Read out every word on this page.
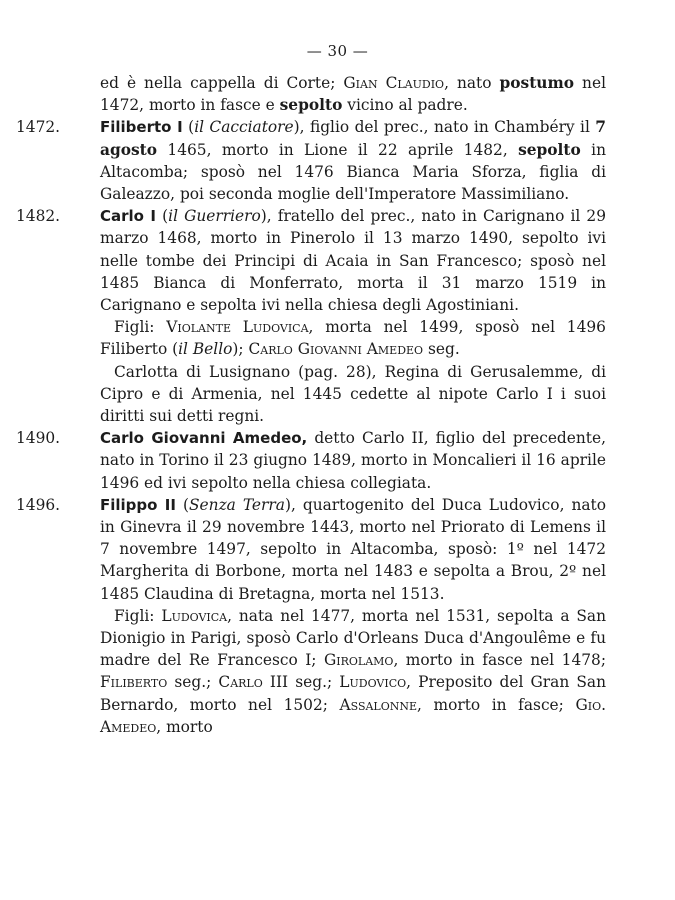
— 30 —
ed è nella cappella di Corte; Gian Claudio, nato postumo nel 1472, morto in fasce e sepolto vicino al padre.
1472.	Filiberto I (il Cacciatore), figlio del prec., nato in Chambéry il 7 agosto 1465, morto in Lione il 22 aprile 1482, sepolto in Altacomba; sposò nel 1476 Bianca Maria Sforza, figlia di Galeazzo, poi seconda moglie dell'Imperatore Massimiliano.
1482.	Carlo I (il Guerriero), fratello del prec., nato in Carignano il 29 marzo 1468, morto in Pinerolo il 13 marzo 1490, sepolto ivi nelle tombe dei Principi di Acaia in San Francesco; sposò nel 1485 Bianca di Monferrato, morta il 31 marzo 1519 in Carignano e sepolta ivi nella chiesa degli Agostiniani.
Figli: Violante Ludovica, morta nel 1499, sposò nel 1496 Filiberto (il Bello); Carlo Giovanni Amedeo seg.
Carlotta di Lusignano (pag. 28), Regina di Gerusalemme, di Cipro e di Armenia, nel 1445 cedette al nipote Carlo I i suoi diritti sui detti regni.
1490.	Carlo Giovanni Amedeo, detto Carlo II, figlio del precedente, nato in Torino il 23 giugno 1489, morto in Moncalieri il 16 aprile 1496 ed ivi sepolto nella chiesa collegiata.
1496.	Filippo II (Senza Terra), quartogenito del Duca Ludovico, nato in Ginevra il 29 novembre 1443, morto nel Priorato di Lemens il 7 novembre 1497, sepolto in Altacomba, sposò: 1º nel 1472 Margherita di Borbone, morta nel 1483 e sepolta a Brou, 2º nel 1485 Claudina di Bretagna, morta nel 1513.
Figli: Ludovica, nata nel 1477, morta nel 1531, sepolta a San Dionigio in Parigi, sposò Carlo d'Orleans Duca d'Angoulême e fu madre del Re Francesco I; Girolamo, morto in fasce nel 1478; Filiberto seg.; Carlo III seg.; Ludovico, Preposito del Gran San Bernardo, morto nel 1502; Assalonne, morto in fasce; Gio. Amedeo, morto
